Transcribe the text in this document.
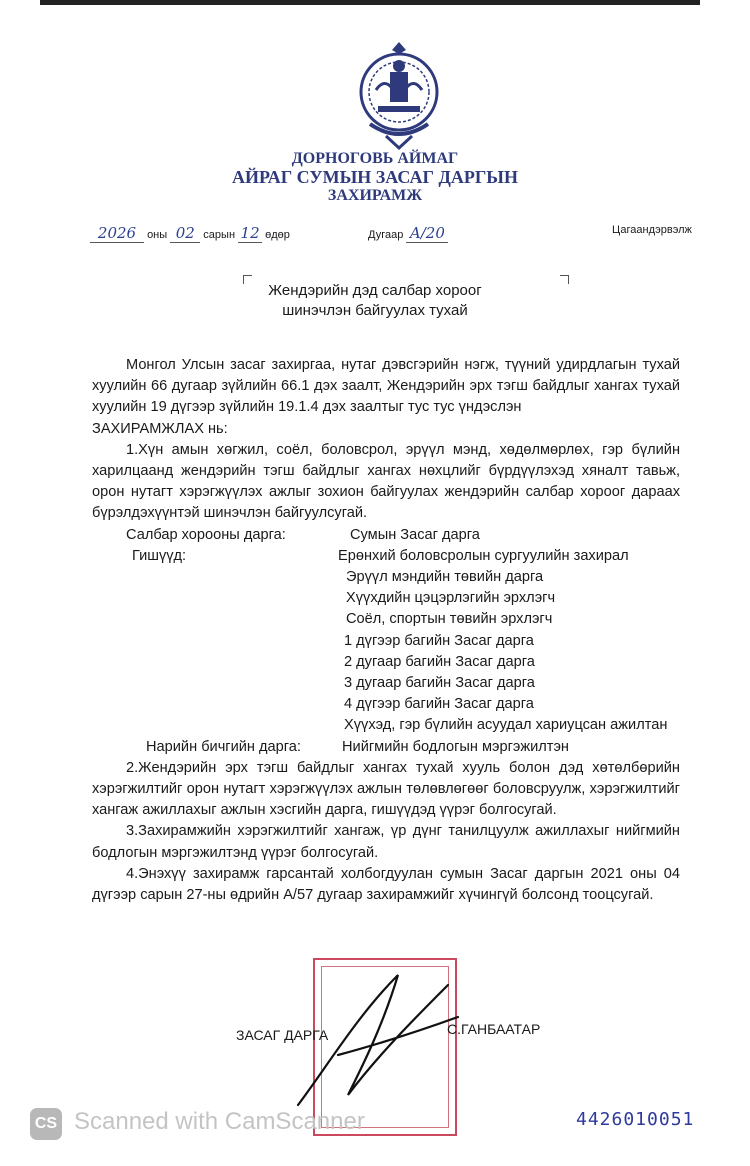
ДОРНОГОВЬ АЙМАГ
АЙРАГ СУМЫН ЗАСАГ ДАРГЫН
ЗАХИРАМЖ
2026 оны 02 сарын 12 өдөр	Дугаар A/20	Цагаандэрвэлж
Жендэрийн дэд салбар хороог
шинэчлэн байгуулах тухай

Монгол Улсын засаг захиргаа, нутаг дэвсгэрийн нэгж, түүний удирдлагын тухай хуулийн 66 дугаар зүйлийн 66.1 дэх заалт, Жендэрийн эрх тэгш байдлыг хангах тухай хуулийн 19 дүгээр зүйлийн 19.1.4 дэх заалтыг тус тус үндэслэн

ЗАХИРАМЖЛАХ нь:

1.Хүн амын хөгжил, соёл, боловсрол, эрүүл мэнд, хөдөлмөрлөх, гэр бүлийн харилцаанд жендэрийн тэгш байдлыг хангах нөхцлийг бүрдүүлэхэд хяналт тавьж, орон нутагт хэрэгжүүлэх ажлыг зохион байгуулах жендэрийн салбар хороог дараах бүрэлдэхүүнтэй шинэчлэн байгуулсугай.

Салбар хорооны дарга:	Сумын Засаг дарга
Гишүүд:	Ерөнхий боловсролын сургуулийн захирал
Эрүүл мэндийн төвийн дарга
Хүүхдийн цэцэрлэгийн эрхлэгч
Соёл, спортын төвийн эрхлэгч
1 дүгээр багийн Засаг дарга
2 дугаар багийн Засаг дарга
3 дугаар багийн Засаг дарга
4 дүгээр багийн Засаг дарга
Хүүхэд, гэр бүлийн асуудал хариуцсан ажилтан
Нарийн бичгийн дарга:	Нийгмийн бодлогын мэргэжилтэн

2.Жендэрийн эрх тэгш байдлыг хангах тухай хууль болон дэд хөтөлбөрийн хэрэгжилтийг орон нутагт хэрэгжүүлэх ажлын төлөвлөгөөг боловсруулж, хэрэгжилтийг хангаж ажиллахыг ажлын хэсгийн дарга, гишүүдэд үүрэг болгосугай.

3.Захирамжийн хэрэгжилтийг хангаж, үр дүнг танилцуулж ажиллахыг нийгмийн бодлогын мэргэжилтэнд үүрэг болгосугай.

4.Энэхүү захирамж гарсантай холбогдуулан сумын Засаг даргын 2021 оны 04 дүгээр сарын 27-ны өдрийн А/57 дугаар захирамжийг хүчингүй болсонд тооцсугай.

ЗАСАГ ДАРГА	С.ГАНБААТАР
4426010051
CS Scanned with CamScanner
